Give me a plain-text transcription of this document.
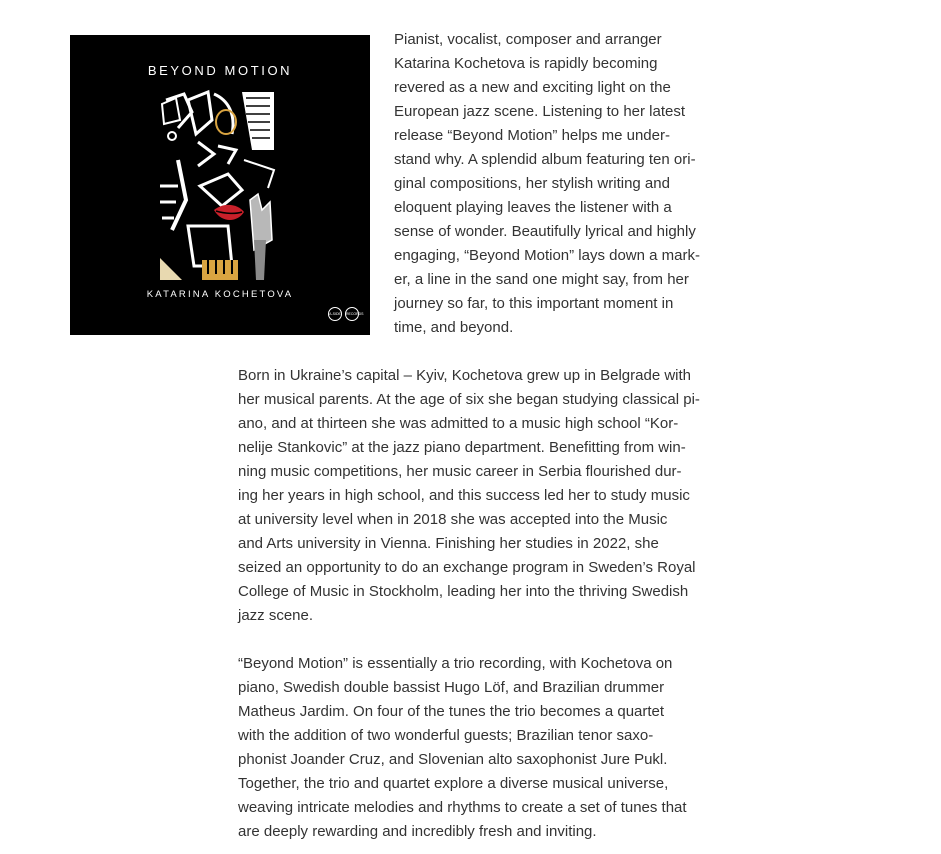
BEYOND MOTION
KATARINA KOCHETOVA
A-SIDE	RECORDS

Pianist, vocalist, composer and arranger
Katarina Kochetova is rapidly becoming
revered as a new and exciting light on the
European jazz scene. Listening to her latest
release “Beyond Motion” helps me under-
stand why. A splendid album featuring ten ori-
ginal compositions, her stylish writing and
eloquent playing leaves the listener with a
sense of wonder. Beautifully lyrical and highly
engaging, “Beyond Motion” lays down a mark-
er, a line in the sand one might say, from her
journey so far, to this important moment in
time, and beyond.

Born in Ukraine’s capital – Kyiv, Kochetova grew up in Belgrade with
her musical parents. At the age of six she began studying classical pi-
ano, and at thirteen she was admitted to a music high school “Kor-
nelije Stankovic” at the jazz piano department. Benefitting from win-
ning music competitions, her music career in Serbia flourished dur-
ing her years in high school, and this success led her to study music
at university level when in 2018 she was accepted into the Music
and Arts university in Vienna. Finishing her studies in 2022, she
seized an opportunity to do an exchange program in Sweden’s Royal
College of Music in Stockholm, leading her into the thriving Swedish
jazz scene.

“Beyond Motion” is essentially a trio recording, with Kochetova on
piano, Swedish double bassist Hugo Löf, and Brazilian drummer
Matheus Jardim. On four of the tunes the trio becomes a quartet
with the addition of two wonderful guests; Brazilian tenor saxo-
phonist Joander Cruz, and Slovenian alto saxophonist Jure Pukl.
Together, the trio and quartet explore a diverse musical universe,
weaving intricate melodies and rhythms to create a set of tunes that
are deeply rewarding and incredibly fresh and inviting.
